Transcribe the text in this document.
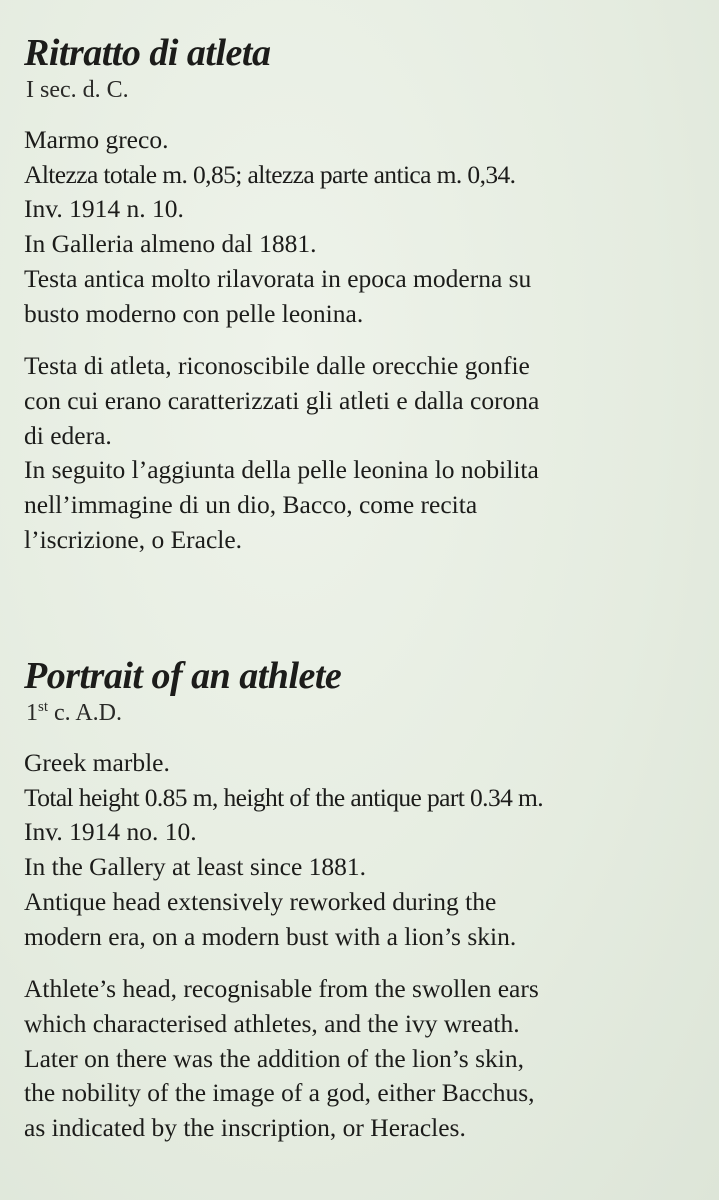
Ritratto di atleta

I sec. d. C.

Marmo greco.
Altezza totale m. 0,85; altezza parte antica m. 0,34.
Inv. 1914 n. 10.
In Galleria almeno dal 1881.
Testa antica molto rilavorata in epoca moderna su
busto moderno con pelle leonina.

Testa di atleta, riconoscibile dalle orecchie gonfie
con cui erano caratterizzati gli atleti e dalla corona
di edera.
In seguito l’aggiunta della pelle leonina lo nobilita
nell’immagine di un dio, Bacco, come recita
l’iscrizione, o Eracle.

Portrait of an athlete

1st c. A.D.

Greek marble.
Total height 0.85 m, height of the antique part 0.34 m.
Inv. 1914 no. 10.
In the Gallery at least since 1881.
Antique head extensively reworked during the
modern era, on a modern bust with a lion’s skin.

Athlete’s head, recognisable from the swollen ears
which characterised athletes, and the ivy wreath.
Later on there was the addition of the lion’s skin,
the nobility of the image of a god, either Bacchus,
as indicated by the inscription, or Heracles.
